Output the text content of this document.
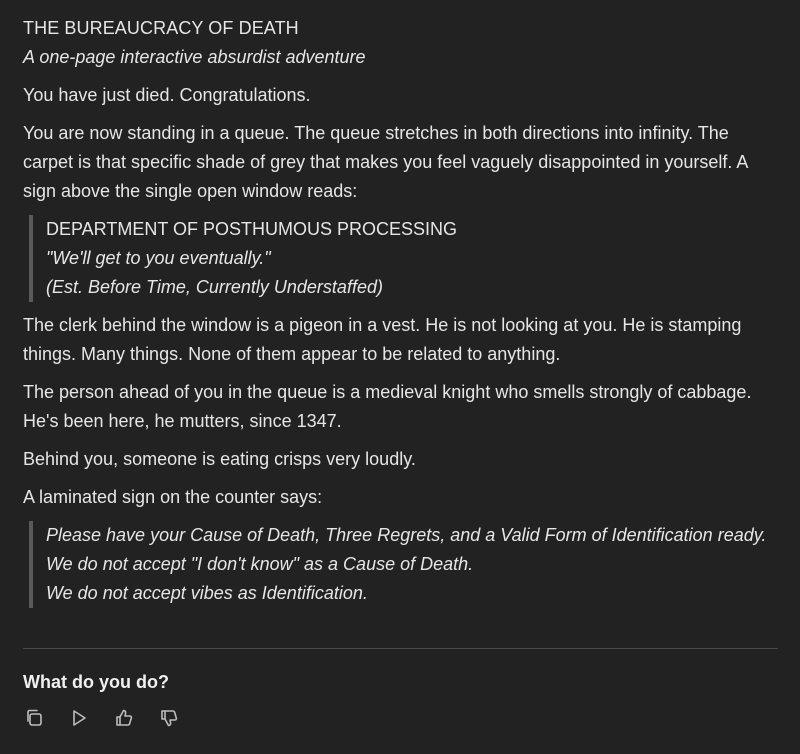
THE BUREAUCRACY OF DEATH
A one-page interactive absurdist adventure

You have just died. Congratulations.

You are now standing in a queue. The queue stretches in both directions into infinity. The carpet is that specific shade of grey that makes you feel vaguely disappointed in yourself. A sign above the single open window reads:

DEPARTMENT OF POSTHUMOUS PROCESSING
"We'll get to you eventually."
(Est. Before Time, Currently Understaffed)

The clerk behind the window is a pigeon in a vest. He is not looking at you. He is stamping things. Many things. None of them appear to be related to anything.

The person ahead of you in the queue is a medieval knight who smells strongly of cabbage. He's been here, he mutters, since 1347.

Behind you, someone is eating crisps very loudly.

A laminated sign on the counter says:

Please have your Cause of Death, Three Regrets, and a Valid Form of Identification ready.
We do not accept "I don't know" as a Cause of Death.
We do not accept vibes as Identification.
What do you do?
